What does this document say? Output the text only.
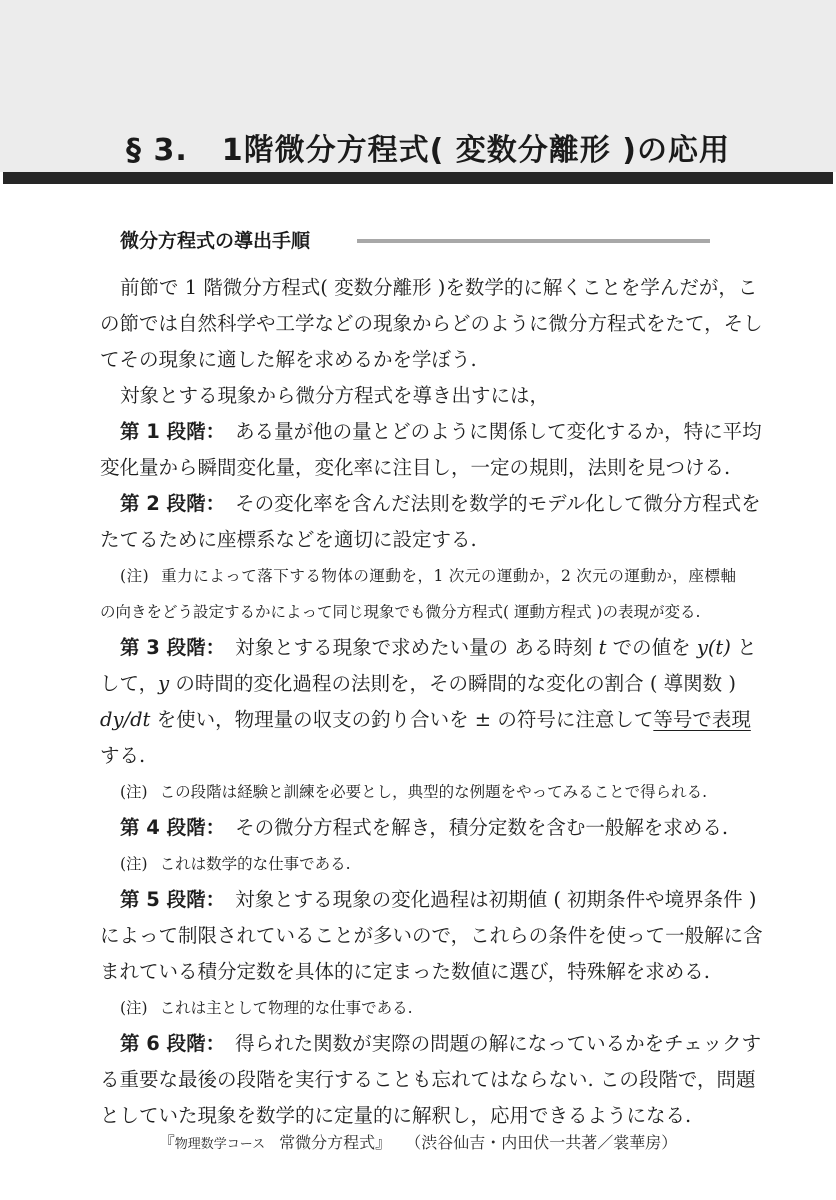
§ 3. 1階微分方程式( 変数分離形 )の応用
微分方程式の導出手順
前節で 1 階微分方程式( 変数分離形 )を数学的に解くことを学んだが，こ
の節では自然科学や工学などの現象からどのように微分方程式をたて，そし
てその現象に適した解を求めるかを学ぼう.
対象とする現象から微分方程式を導き出すには，
第 1 段階： ある量が他の量とどのように関係して変化するか，特に平均
変化量から瞬間変化量，変化率に注目し，一定の規則，法則を見つける.
第 2 段階： その変化率を含んだ法則を数学的モデル化して微分方程式を
たてるために座標系などを適切に設定する.
(注) 重力によって落下する物体の運動を，1 次元の運動か，2 次元の運動か，座標軸
の向きをどう設定するかによって同じ現象でも微分方程式( 運動方程式 )の表現が変る.
第 3 段階： 対象とする現象で求めたい量の ある時刻 t での値を y(t) と
して，y の時間的変化過程の法則を，その瞬間的な変化の割合 ( 導関数 )
dy/dt を使い，物理量の収支の釣り合いを ± の符号に注意して等号で表現
する.
(注) この段階は経験と訓練を必要とし，典型的な例題をやってみることで得られる.
第 4 段階： その微分方程式を解き，積分定数を含む一般解を求める.
(注) これは数学的な仕事である.
第 5 段階： 対象とする現象の変化過程は初期値 ( 初期条件や境界条件 )
によって制限されていることが多いので，これらの条件を使って一般解に含
まれている積分定数を具体的に定まった数値に選び，特殊解を求める.
(注) これは主として物理的な仕事である.
第 6 段階： 得られた関数が実際の問題の解になっているかをチェックす
る重要な最後の段階を実行することも忘れてはならない. この段階で，問題
としていた現象を数学的に定量的に解釈し，応用できるようになる.
『物理数学コース 常微分方程式』 （渋谷仙吉・内田伏一共著／裳華房）
